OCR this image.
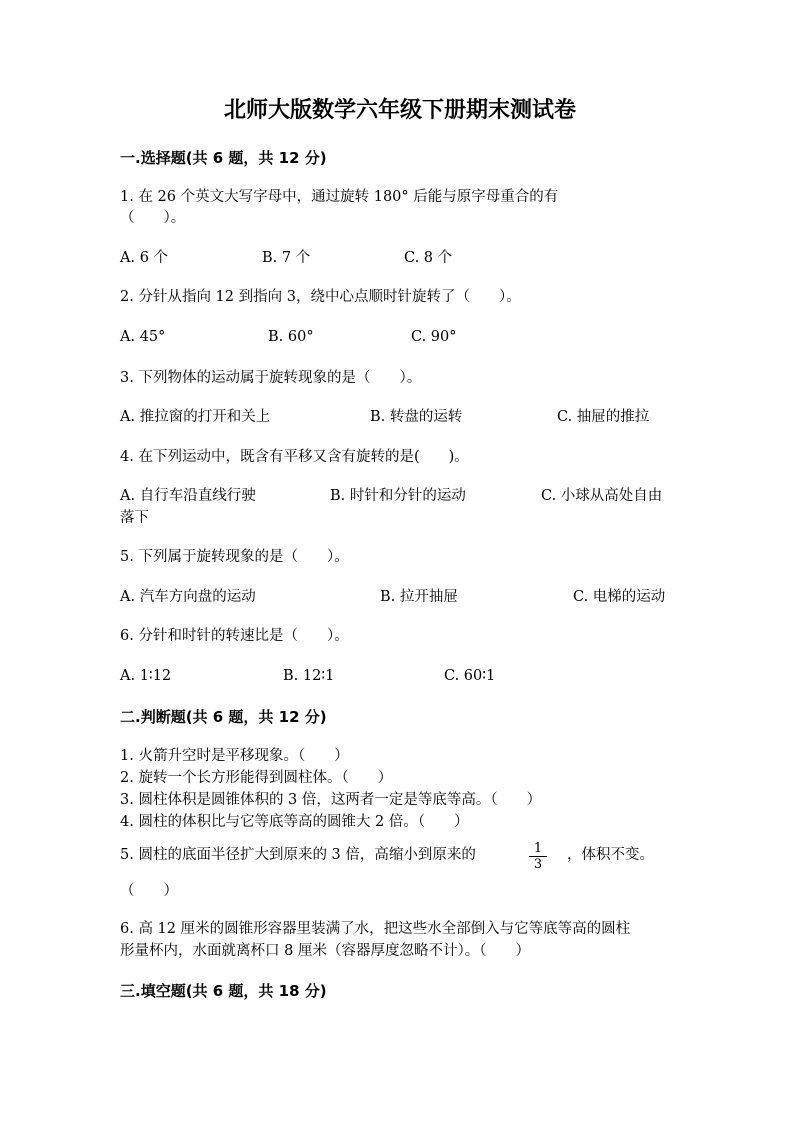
北师大版数学六年级下册期末测试卷
一.选择题(共 6 题，共 12 分)
1. 在 26 个英文大写字母中，通过旋转 180° 后能与原字母重合的有
（　　）。
A. 6 个	B. 7 个	C. 8 个
2. 分针从指向 12 到指向 3，绕中心点顺时针旋转了（　　）。
A. 45°	B. 60°	C. 90°
3. 下列物体的运动属于旋转现象的是（　　）。
A. 推拉窗的打开和关上	B. 转盘的运转	C. 抽屉的推拉
4. 在下列运动中，既含有平移又含有旋转的是(　　)。
A. 自行车沿直线行驶	B. 时针和分针的运动	C. 小球从高处自由
落下
5. 下列属于旋转现象的是（　　）。
A. 汽车方向盘的运动	B. 拉开抽屉	C. 电梯的运动
6. 分针和时针的转速比是（　　）。
A. 1∶12	B. 12∶1	C. 60∶1
二.判断题(共 6 题，共 12 分)
1. 火箭升空时是平移现象。（　　）
2. 旋转一个长方形能得到圆柱体。（　　）
3. 圆柱体积是圆锥体积的 3 倍，这两者一定是等底等高。（　　）
4. 圆柱的体积比与它等底等高的圆锥大 2 倍。（　　）
5. 圆柱的底面半径扩大到原来的 3 倍，高缩小到原来的	$\frac{1}{3}$ ，体积不变。
（　　）
6. 高 12 厘米的圆锥形容器里装满了水，把这些水全部倒入与它等底等高的圆柱
形量杯内，水面就离杯口 8 厘米（容器厚度忽略不计）。（　　）
三.填空题(共 6 题，共 18 分)
